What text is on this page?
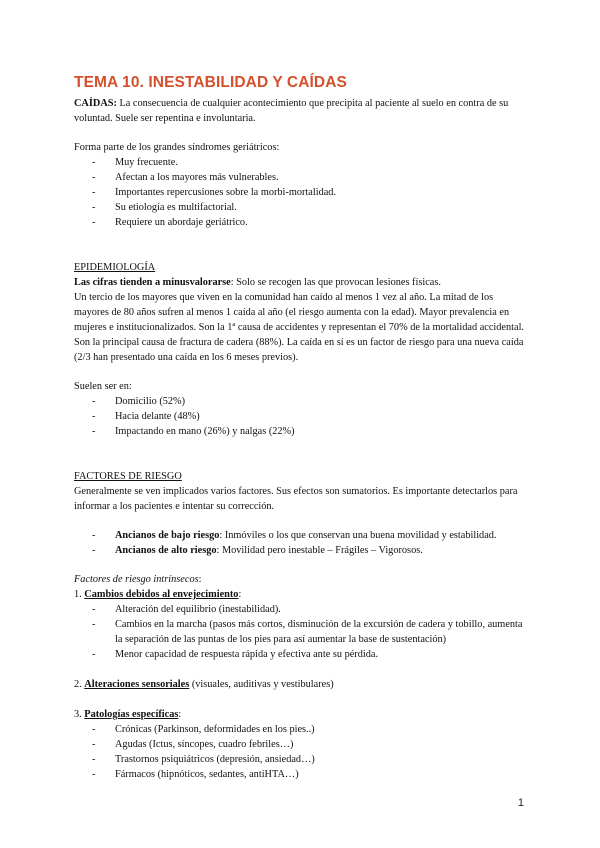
TEMA 10. INESTABILIDAD Y CAÍDAS

CAÍDAS: La consecuencia de cualquier acontecimiento que precipita al paciente al suelo en contra de su voluntad. Suele ser repentina e involuntaria.

Forma parte de los grandes síndromes geriátricos:

- Muy frecuente.
- Afectan a los mayores más vulnerables.
- Importantes repercusiones sobre la morbi-mortalidad.
- Su etiología es multifactorial.
- Requiere un abordaje geriátrico.

EPIDEMIOLOGÍA

Las cifras tienden a minusvalorarse: Solo se recogen las que provocan lesiones físicas.

Un tercio de los mayores que viven en la comunidad han caído al menos 1 vez al año. La mitad de los mayores de 80 años sufren al menos 1 caída al año (el riesgo aumenta con la edad). Mayor prevalencia en mujeres e institucionalizados. Son la 1ª causa de accidentes y representan el 70% de la mortalidad accidental. Son la principal causa de fractura de cadera (88%). La caída en sí es un factor de riesgo para una nueva caída (2/3 han presentado una caída en los 6 meses previos).

Suelen ser en:

- Domicilio (52%)
- Hacia delante (48%)
- Impactando en mano (26%) y nalgas (22%)

FACTORES DE RIESGO

Generalmente se ven implicados varios factores. Sus efectos son sumatorios. Es importante detectarlos para informar a los pacientes e intentar su corrección.

- Ancianos de bajo riesgo: Inmóviles o los que conservan una buena movilidad y estabilidad.
- Ancianos de alto riesgo: Movilidad pero inestable – Frágiles – Vigorosos.

Factores de riesgo intrínsecos:

1. Cambios debidos al envejecimiento:

- Alteración del equilibrio (inestabilidad).
- Cambios en la marcha (pasos más cortos, disminución de la excursión de cadera y tobillo, aumenta la separación de las puntas de los pies para así aumentar la base de sustentación)
- Menor capacidad de respuesta rápida y efectiva ante su pérdida.

2. Alteraciones sensoriales (visuales, auditivas y vestibulares)

3. Patologías específicas:

- Crónicas (Parkinson, deformidades en los pies..)
- Agudas (Ictus, síncopes, cuadro febriles…)
- Trastornos psiquiátricos (depresión, ansiedad…)
- Fármacos (hipnóticos, sedantes, antiHTA…)
1
